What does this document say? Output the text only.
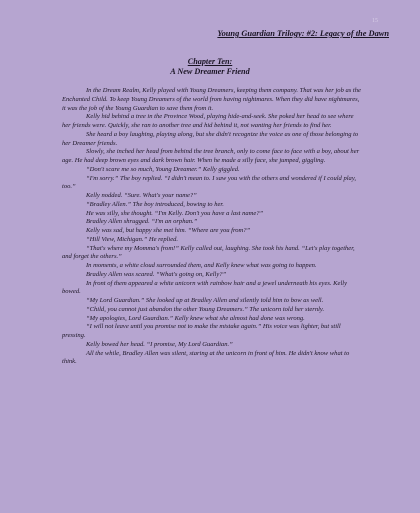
15
Young Guardian Trilogy: #2: Legacy of the Dawn
Chapter Ten:
A New Dreamer Friend

In the Dream Realm, Kelly played with Young Dreamers, keeping them company. That was her job as the Enchanted Child. To keep Young Dreamers of the world from having nightmares. When they did have nightmares, it was the job of the Young Guardian to save them from it.

Kelly hid behind a tree in the Province Wood, playing hide-and-seek. She poked her head to see where her friends were. Quickly, she ran to another tree and hid behind it, not wanting her friends to find her.

She heard a boy laughing, playing along, but she didn't recognize the voice as one of those belonging to her Dreamer friends.

Slowly, she inched her head from behind the tree branch, only to come face to face with a boy, about her age. He had deep brown eyes and dark brown hair. When he made a silly face, she jumped, giggling.

“Don't scare me so much, Young Dreamer.” Kelly giggled.

“I'm sorry.” The boy replied. “I didn't mean to. I saw you with the others and wondered if I could play, too.”

Kelly nodded. “Sure. What's your name?”

“Bradley Allen.” The boy introduced, bowing to her.

He was silly, she thought. “I'm Kelly. Don't you have a last name?”

Bradley Allen shrugged. “I'm an orphan.”

Kelly was sad, but happy she met him. “Where are you from?”

“Hill View, Michigan.” He replied.

“That's where my Momma's from!” Kelly called out, laughing. She took his hand. “Let's play together, and forget the others.”

In moments, a white cloud surrounded them, and Kelly knew what was going to happen.

Bradley Allen was scared. “What's going on, Kelly?”

In front of them appeared a white unicorn with rainbow hair and a jewel underneath his eyes. Kelly bowed.

“My Lord Guardian.” She looked up at Bradley Allen and silently told him to bow as well.

“Child, you cannot just abandon the other Young Dreamers.” The unicorn told her sternly.

“My apologies, Lord Guardian.” Kelly knew what she almost had done was wrong.

“I will not leave until you promise not to make the mistake again.” His voice was lighter, but still pressing.

Kelly bowed her head. “I promise, My Lord Guardian.”

All the while, Bradley Allen was silent, staring at the unicorn in front of him. He didn't know what to think.
